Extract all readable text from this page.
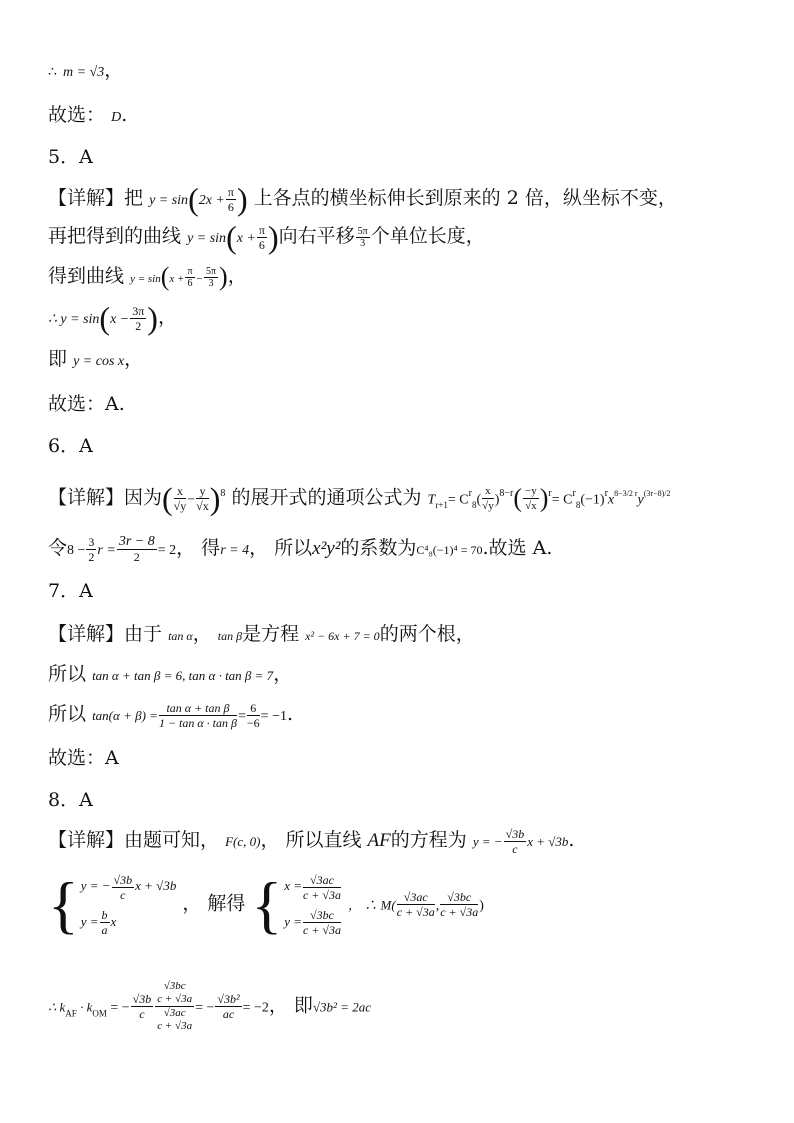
∴ m = √3，
故选： D.
5．A
【详解】把 $y = \sin(2x + \frac{\pi}{6}$ ) 上各点的横坐标伸长到原来的 2 倍，纵坐标不变，
再把得到的曲线 $y = \sin(x + \frac{\pi}{6}$ )向右平移 $\frac{5\pi}{3}$ 个单位长度，
得到曲线 $y = \sin(x + \frac{\pi}{6} - \frac{5\pi}{3}$ )，
∴ $y = \sin(x - \frac{3\pi}{2}$ )，
即 y = cos x，
故选：A.
6．A
【详解】因为( $\frac{x}{√y} - \frac{y}{√x} )^8$ 的展开式的通项公式为 $T_{r+1}= C^r_8( \frac{x}{√y} )^{8-r}( \frac{-y}{√x} )^r= C^r_8(-1)^rx^{8-3/2 r}y^{(3r-8)/2}$
令$8 - \frac{3}{2}$ $r = \frac{3r - 8}{2} = 2$， 得r = 4， 所以x²y²的系数为C⁴₈(−1)⁴ = 70.故选 A.
7．A
【详解】由于 tan α， tan β是方程 x² − 6x + 7 = 0的两个根，
所以 tan α + tan β = 6, tan α · tan β = 7，
所以 $\tan(\alpha + \beta) = \frac{\text{tan α + tan β}}{\text{1 − tan α · tan β}} = \frac{6}{-6} = -1$.
故选：A
8．A
【详解】由题可知， F(c, 0)， 所以直线 AF的方程为 y = − $\frac{√3b}{c}$ x + √3b.
{ y = − $\frac{√3b}{c}$ x + √3b
$y = \frac{b}{a}$ x
， 解得 { $x = \frac{√3ac}{c + √3a}$
$y = \frac{√3bc}{c + √3a}$
， ∴ $M( \frac{√3ac}{c + √3a}$ , $\frac{√3bc}{c + √3a}$ )
∴ $k_{AF} \cdot k_{OM}$ = − $\frac{√3b}{c}$
√3bc
c + √3a
√3ac
c + √3a
= − $\frac{\text{√3b²}}{ac} = -2$， 即√3b² = 2ac
